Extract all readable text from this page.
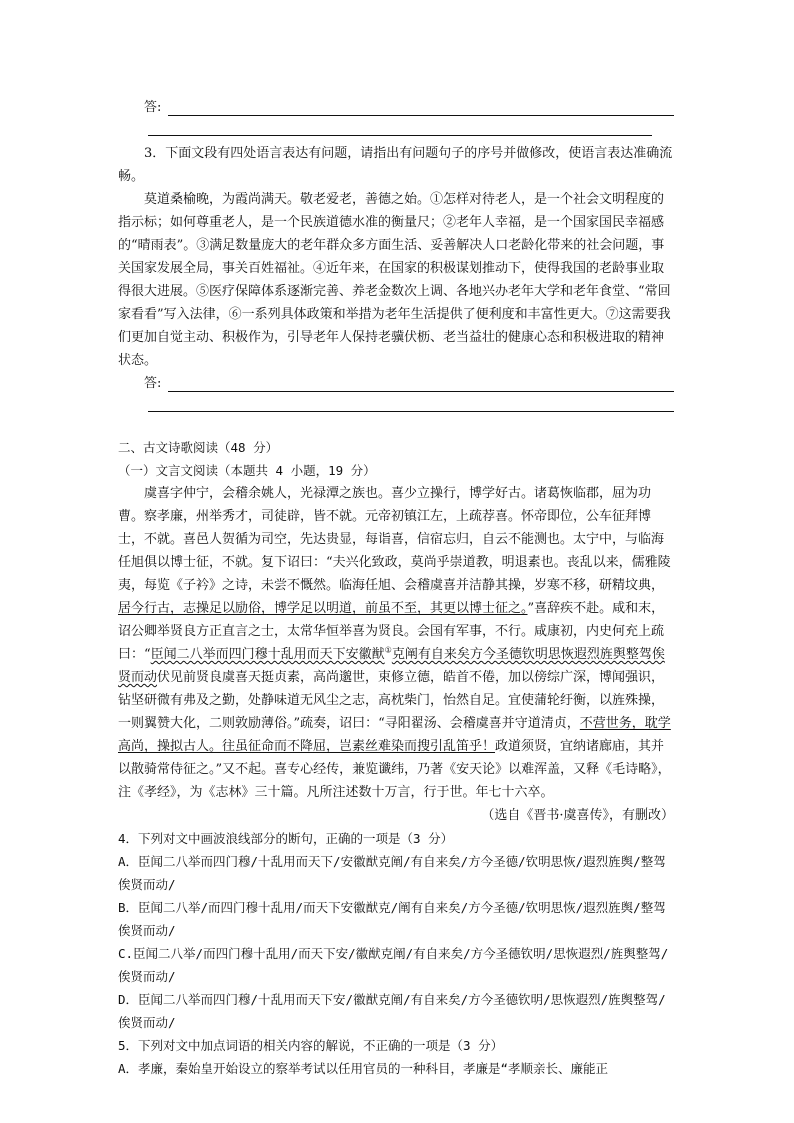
答:

3．下面文段有四处语言表达有问题，请指出有问题句子的序号并做修改，使语言表达准确流畅。

莫道桑榆晚，为霞尚满天。敬老爱老，善德之始。①怎样对待老人，是一个社会文明程度的指示标；如何尊重老人，是一个民族道德水准的衡量尺；②老年人幸福，是一个国家国民幸福感的“晴雨表”。③满足数量庞大的老年群众多方面生活、妥善解决人口老龄化带来的社会问题，事关国家发展全局，事关百姓福祉。④近年来，在国家的积极谋划推动下，使得我国的老龄事业取得很大进展。⑤医疗保障体系逐渐完善、养老金数次上调、各地兴办老年大学和老年食堂、“常回家看看”写入法律，⑥一系列具体政策和举措为老年生活提供了便利度和丰富性更大。⑦这需要我们更加自觉主动、积极作为，引导老年人保持老骥伏枥、老当益壮的健康心态和积极进取的精神状态。

答:

二、古文诗歌阅读（48 分）

（一）文言文阅读（本题共 4 小题，19 分）

虞喜字仲宁，会稽余姚人，光禄潭之族也。喜少立操行，博学好古。诸葛恢临郡，屈为功曹。察孝廉，州举秀才，司徒辟，皆不就。元帝初镇江左，上疏荐喜。怀帝即位，公车征拜博士，不就。喜邑人贺循为司空，先达贵显，每诣喜，信宿忘归，自云不能测也。太宁中，与临海任旭俱以博士征，不就。复下诏曰：“夫兴化致政，莫尚乎崇道教，明退素也。丧乱以来，儒雅陵夷，每览《子衿》之诗，未尝不慨然。临海任旭、会稽虞喜并洁静其操，岁寒不移，研精坟典，居今行古，志操足以励俗，博学足以明道，前虽不至，其更以博士征之。”喜辞疾不赴。咸和末，诏公卿举贤良方正直言之士，太常华恒举喜为贤良。会国有军事，不行。咸康初，内史何充上疏曰：“臣闻二八举而四门穆十乱用而天下安徽猷①克阐有自来矣方今圣德钦明思恢遐烈旌舆整驾俟贤而动伏见前贤良虞喜天挺贞素，高尚邈世，束修立德，皓首不倦，加以傍综广深，博闻强识，钻坚研微有弗及之勤，处静味道无风尘之志，高枕柴门，怡然自足。宜使蒲轮纡衡，以旌殊操，一则翼赞大化，二则敦励薄俗。”疏奏，诏曰：“寻阳翟汤、会稽虞喜并守道清贞，不营世务，耽学高尚，操拟古人。往虽征命而不降屈，岂素丝难染而搜引乱笛乎！政道须贤，宜纳诸廊庙，其并以散骑常侍征之。”又不起。喜专心经传，兼览谶纬，乃著《安天论》以难浑盖，又释《毛诗略》，注《孝经》，为《志林》三十篇。凡所注述数十万言，行于世。年七十六卒。

（选自《晋书·虞喜传》，有删改）

4．下列对文中画波浪线部分的断句，正确的一项是（3 分）

A．臣闻二八举而四门穆/十乱用而天下/安徽猷克阐/有自来矣/方今圣德/钦明思恢/遐烈旌舆/整驾俟贤而动/

B．臣闻二八举/而四门穆十乱用/而天下安徽猷克/阐有自来矣/方今圣德/钦明思恢/遐烈旌舆/整驾俟贤而动/

C.臣闻二八举/而四门穆十乱用/而天下安/徽猷克阐/有自来矣/方今圣德钦明/思恢遐烈/旌舆整驾/俟贤而动/

D．臣闻二八举而四门穆/十乱用而天下安/徽猷克阐/有自来矣/方今圣德钦明/思恢遐烈/旌舆整驾/俟贤而动/

5．下列对文中加点词语的相关内容的解说，不正确的一项是（3 分）

A．孝廉，秦始皇开始设立的察举考试以任用官员的一种科目，孝廉是“孝顺亲长、廉能正
